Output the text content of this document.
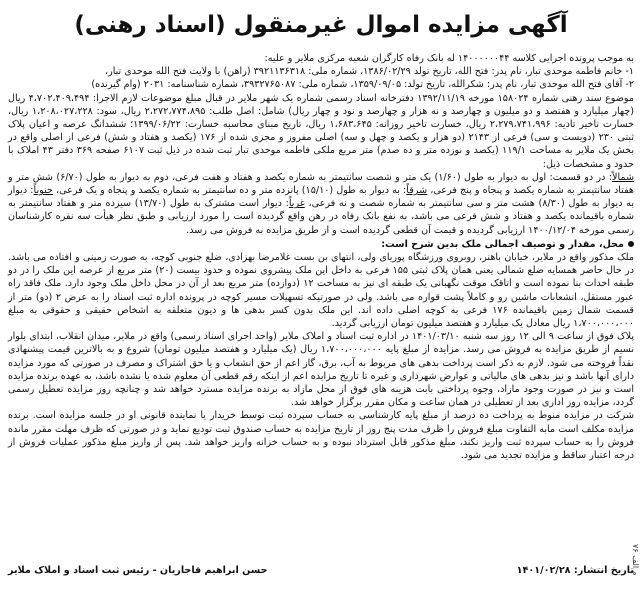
آگهی مزایده اموال غیرمنقول (اسناد رهنی)

به موجب پرونده اجرایی کلاسه ۱۴۰۰۰۰۰۰۴۴ له بانک رفاه کارگران شعبه مرکزی ملایر و علیه:

۱- خانم فاطمه موحدی تبار، نام پدر: فتح الله، تاریخ تولد ۱۳۸۶/۰۲/۲۹، شماره ملی: ۳۹۲۱۱۳۶۳۱۸ (راهن) با ولایت فتح الله موحدی تبار،

۲- آقای فتح الله موحدی تبار، نام پدر: شکرالله، تاریخ تولد: ۱۳۵۹/۰۹/۰۵، شماره ملی: ۳۹۳۲۷۶۵۰۸۷، شماره شناسنامه: ۲۰۳۱ (وام گیرنده)

موضوع سند رهنی شماره ۱۵۸۰۲۴ مورخه ۱۳۹۲/۱۱/۱۹ دفترخانه اسناد رسمی شماره یک شهر ملایر در قبال مبلغ موضوعات لازم الاجرا: ۴،۷۰۲،۴۰۹،۴۹۴ ریال (چهار میلیارد و هفتصد و دو میلیون و چهارصد و نه هزار و چهارصد و نود و چهار ریال) شامل: اصل طلب: ۲،۲۷۲،۷۷۴،۸۹۵ ریال، سود: ۱،۲۰۸،۰۲۷،۲۲۸ ریال، خسارت تاخیر تادیه: ۲،۲۷۹،۷۴۱،۹۹۶ ریال، خسارت تاخیر روزانه: ۱،۶۸۳،۶۴۵ ریال، تاریخ مبنای محاسبه خسارت: ۱۳۹۹/۰۶/۲۲؛ ششدانگ عرصه و اعیان پلاک ثبتی ۲۳۰ (دویست و سی) فرعی از ۲۱۴۳ (دو هزار و یکصد و چهل و سه) اصلی مفروز و مجزی شده از ۱۷۶ (یکصد و هفتاد و شش) فرعی از اصلی واقع در بخش یک ملایر به مساحت ۱۱۹/۱ (یکصد و نوزده متر و ده صدم) متر مربع ملکی فاطمه موحدی تبار ثبت شده در ذیل ثبت ۶۱۰۷ صفحه ۳۶۹ دفتر ۴۳ املاک با حدود و مشخصات ذیل:

شمالاً: در دو قسمت: اول به دیوار به طول (۱/۶۰) یک متر و شصت سانتیمتر به شماره یکصد و هفتاد و هفت فرعی، دوم به دیوار به طول (۶/۷۰) شش متر و هفتاد سانتیمتر به شماره یکصد و پنجاه و پنج فرعی، شرقاً: به دیوار به طول (۱۵/۱۰) پانزده متر و ده سانتیمتر به شماره یکصد و پنجاه و یک فرعی، جنوباً: دیوار به دیوار به طول (۸/۳۰) هشت متر و سی سانتیمتر به شماره شصت و نه فرعی، غرباً: دیوار است مشترک به طول (۱۳/۷۰) سیزده متر و هفتاد سانتیمتر به شماره باقیمانده یکصد و هفتاد و شش فرعی می باشد، به نفع بانک رفاه در رهن واقع گردیده است را مورد ارزیابی و طبق نظر هیأت سه نفره کارشناسان رسمی مورخه ۱۴۰۰/۱۲/۰۴ ارزیابی گردیده و قیمت آن قطعی گردیده است و از طریق مزایده به فروش می رسد.

محل، مقدار و توصیف اجمالی ملک بدین شرح است:

ملک مذکور واقع در ملایر، خیابان باهنر، روبروی ورزشگاه پوریای ولی، انتهای بن بست غلامرضا بهزادی، ضلع جنوبی کوچه، به صورت زمینی و افتاده می باشد. در حال حاضر همسایه ضلع شمالی یعنی همان پلاک ثبتی ۱۵۵ فرعی به داخل این ملک پیشروی نموده و حدود بیست (۲۰) متر مربع از عرصه این ملک را در دو طبقه احداث بنا نموده است و اتاقک موقت نگهبانی یک طبقه ای نیز به مساحت ۱۲ (دوازده) متر مربع بعد از آن در محل داخل ملک وجود دارد. ملک فاقد راه عبور مستقل، انشعابات ماشین رو و کاملاً پشت قواره می باشد. ولی در صورتیکه تسهیلات مسیر کوچه در پرونده اداره ثبت اسناد را به عرض ۲ (دو) متر از قسمت شمال زمین باقیمانده ۱۷۶ فرعی به کوچه اصلی داده اند. این ملک بدون کسر بدهی ها و دیون متعلقه به اشخاص حقیقی و حقوقی به مبلغ ۱،۷۰۰،۰۰۰،۰۰۰ ریال معادل یک میلیارد و هفتصد میلیون تومان ارزیابی گردید.

پلاک فوق از ساعت ۹ الی ۱۲ روز سه شنبه ۱۴۰۱/۰۳/۱۰ در اداره ثبت اسناد و املاک ملایر (واحد اجرای اسناد رسمی) واقع در ملایر، میدان انقلاب، ابتدای بلوار نسیم از طریق مزایده به فروش می رسد. مزایده از مبلغ پایه ۱،۷۰۰،۰۰۰،۰۰۰ ریال (یک میلیارد و هفتصد میلیون تومان) شروع و به بالاترین قیمت پیشنهادی نقداً فروخته می شود. لازم به ذکر است پرداخت بدهی های مربوط به آب، برق، گاز اعم از حق انشعاب و یا حق اشتراک و مصرف در صورتی که مورد مزایده دارای آنها باشد و نیز بدهی های مالیاتی و عوارض شهرداری و غیره تا تاریخ مزایده اعم از اینکه رقم قطعی آن معلوم شده یا نشده باشد، به عهده برنده مزایده است و نیز در صورت وجود مازاد، وجوه پرداختی بابت هزینه های فوق از محل مازاد به برنده مزایده مسترد خواهد شد و چنانچه روز مزایده تعطیل رسمی گردد، مزایده روز اداری بعد از تعطیلی در همان ساعت و مکان مقرر برگزار خواهد شد.

شرکت در مزایده منوط به پرداخت ده درصد از مبلغ پایه کارشناسی به حساب سپرده ثبت توسط خریدار یا نماینده قانونی او در جلسه مزایده است. برنده مزایده مکلف است مابه التفاوت مبلغ فروش را ظرف مدت پنج روز از تاریخ مزایده به حساب صندوق ثبت تودیع نماید و در صورتی که ظرف مهلت مقرر مانده فروش را به حساب سپرده ثبت واریز نکند، مبلغ مذکور قابل استرداد نبوده و به حساب خزانه واریز خواهد شد. پس از واریز مبلغ مذکور عملیات فروش از درجه اعتبار ساقط و مزایده تجدید می شود.

تاریخ انتشار: ۱۴۰۱/۰۲/۲۸
حسن ابراهیم قاجاریان - رئیس ثبت اسناد و املاک ملایر
م الف ۷۶
